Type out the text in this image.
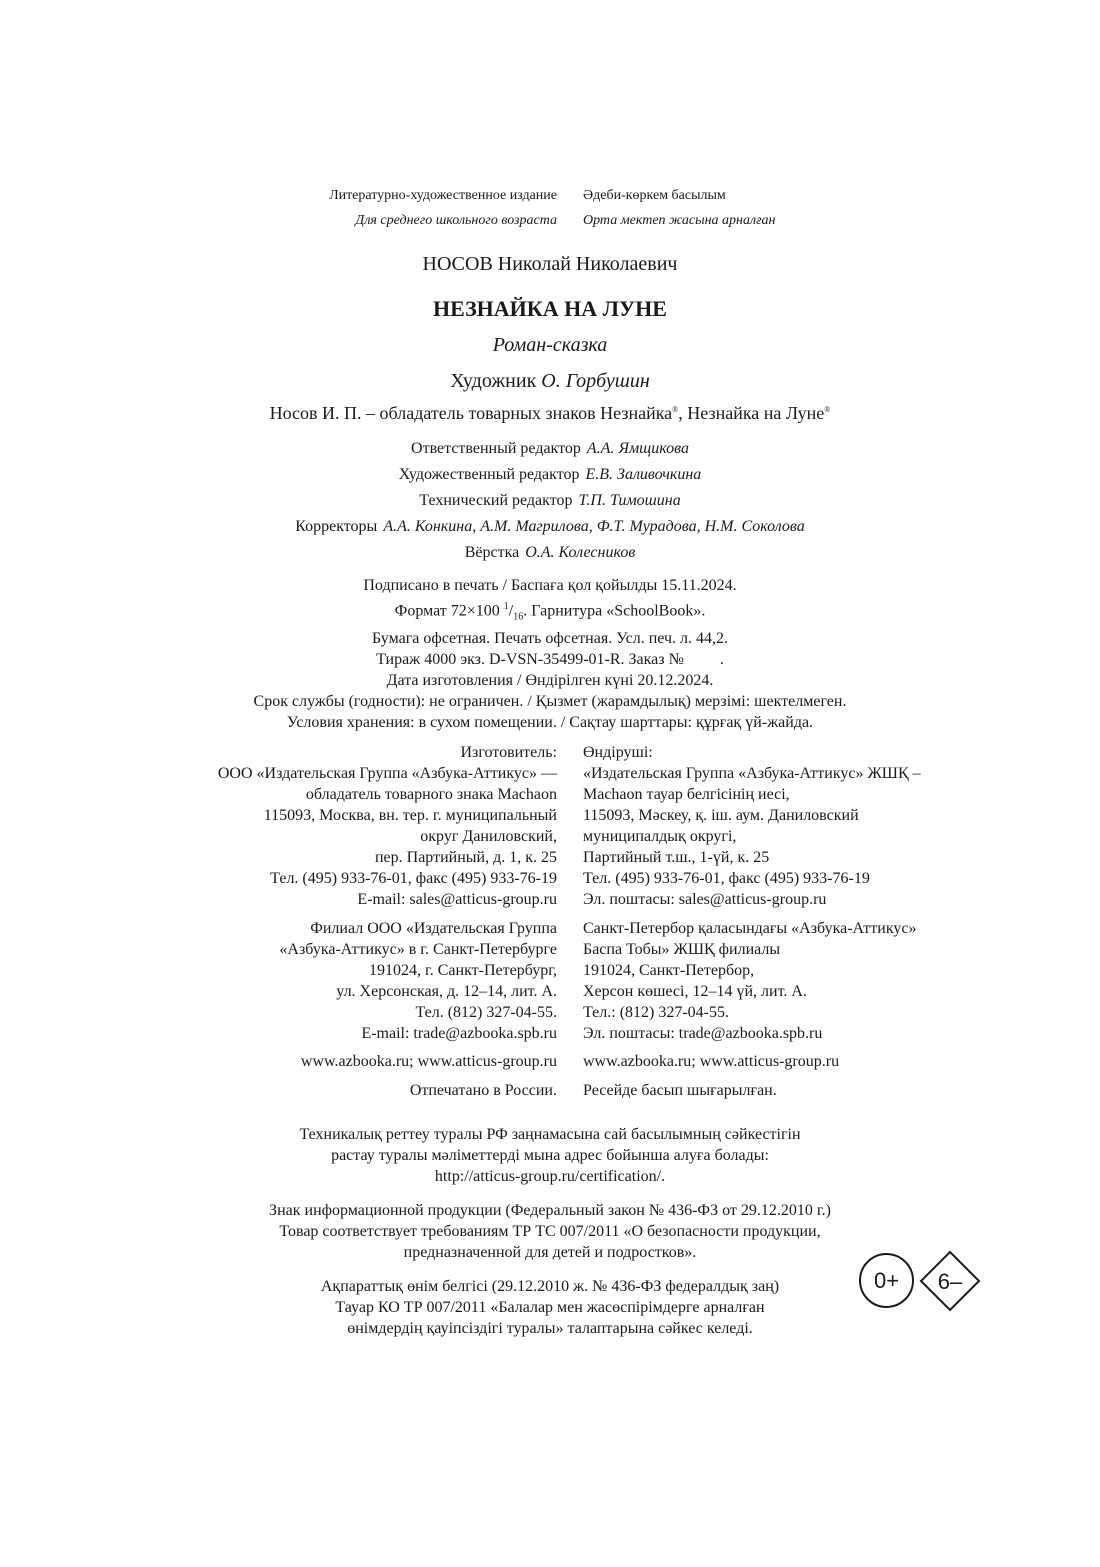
Литературно-художественное издание
Для среднего школьного возраста
Әдеби-көркем басылым
Орта мектеп жасына арналған
НОСОВ Николай Николаевич
НЕЗНАЙКА НА ЛУНЕ
Роман-сказка
Художник О. Горбушин
Носов И. П. – обладатель товарных знаков Незнайка®, Незнайка на Луне®
Ответственный редактор А.А. Ямщикова
Художественный редактор Е.В. Заливочкина
Технический редактор Т.П. Тимошина
Корректоры А.А. Конкина, А.М. Магрилова, Ф.Т. Мурадова, Н.М. Соколова
Вёрстка О.А. Колесников
Подписано в печать / Баспаға қол қойылды 15.11.2024.
Формат 72×100 $^1/_{16}$. Гарнитура «SchoolBook».
Бумага офсетная. Печать офсетная. Усл. печ. л. 44,2.
Тираж 4000 экз. D-VSN-35499-01-R. Заказ №         .
Дата изготовления / Өндірілген күні 20.12.2024.
Срок службы (годности): не ограничен. / Қызмет (жарамдылық) мерзімі: шектелмеген.
Условия хранения: в сухом помещении. / Сақтау шарттары: құрғақ үй-жайда.
Изготовитель:
ООО «Издательская Группа «Азбука-Аттикус» —
обладатель товарного знака Machaon
115093, Москва, вн. тер. г. муниципальный
округ Даниловский,
пер. Партийный, д. 1, к. 25
Тел. (495) 933-76-01, факс (495) 933-76-19
E-mail: sales@atticus-group.ru
Өндіруші:
«Издательская Группа «Азбука-Аттикус» ЖШҚ –
Machaon тауар белгісінің иесі,
115093, Мәскеу, қ. іш. аум. Даниловский
муниципалдық округі,
Партийный т.ш., 1-үй, к. 25
Тел. (495) 933-76-01, факс (495) 933-76-19
Эл. поштасы: sales@atticus-group.ru
Филиал ООО «Издательская Группа
«Азбука-Аттикус» в г. Санкт-Петербурге
191024, г. Санкт-Петербург,
ул. Херсонская, д. 12–14, лит. А.
Тел. (812) 327-04-55.
E-mail: trade@azbooka.spb.ru
Санкт-Петербор қаласындағы «Азбука-Аттикус»
Баспа Тобы» ЖШҚ филиалы
191024, Санкт-Петербор,
Херсон көшесі, 12–14 үй, лит. А.
Тел.: (812) 327-04-55.
Эл. поштасы: trade@azbooka.spb.ru
www.azbooka.ru; www.atticus-group.ru www.azbooka.ru; www.atticus-group.ru
Отпечатано в России. Ресейде басып шығарылған.
Техникалық реттеу туралы РФ заңнамасына сай басылымның сәйкестігін
растау туралы мәліметтерді мына адрес бойынша алуға болады:
http://atticus-group.ru/certification/.
Знак информационной продукции (Федеральный закон № 436-ФЗ от 29.12.2010 г.)
Товар соответствует требованиям ТР ТС 007/2011 «О безопасности продукции,
предназначенной для детей и подростков».
Ақпараттық өнім белгісі (29.12.2010 ж. № 436-ФЗ федералдық заң)
Тауар КО ТР 007/2011 «Балалар мен жасөспірімдерге арналған
өнімдердің қауіпсіздігі туралы» талаптарына сәйкес келеді.
0+ 6–
